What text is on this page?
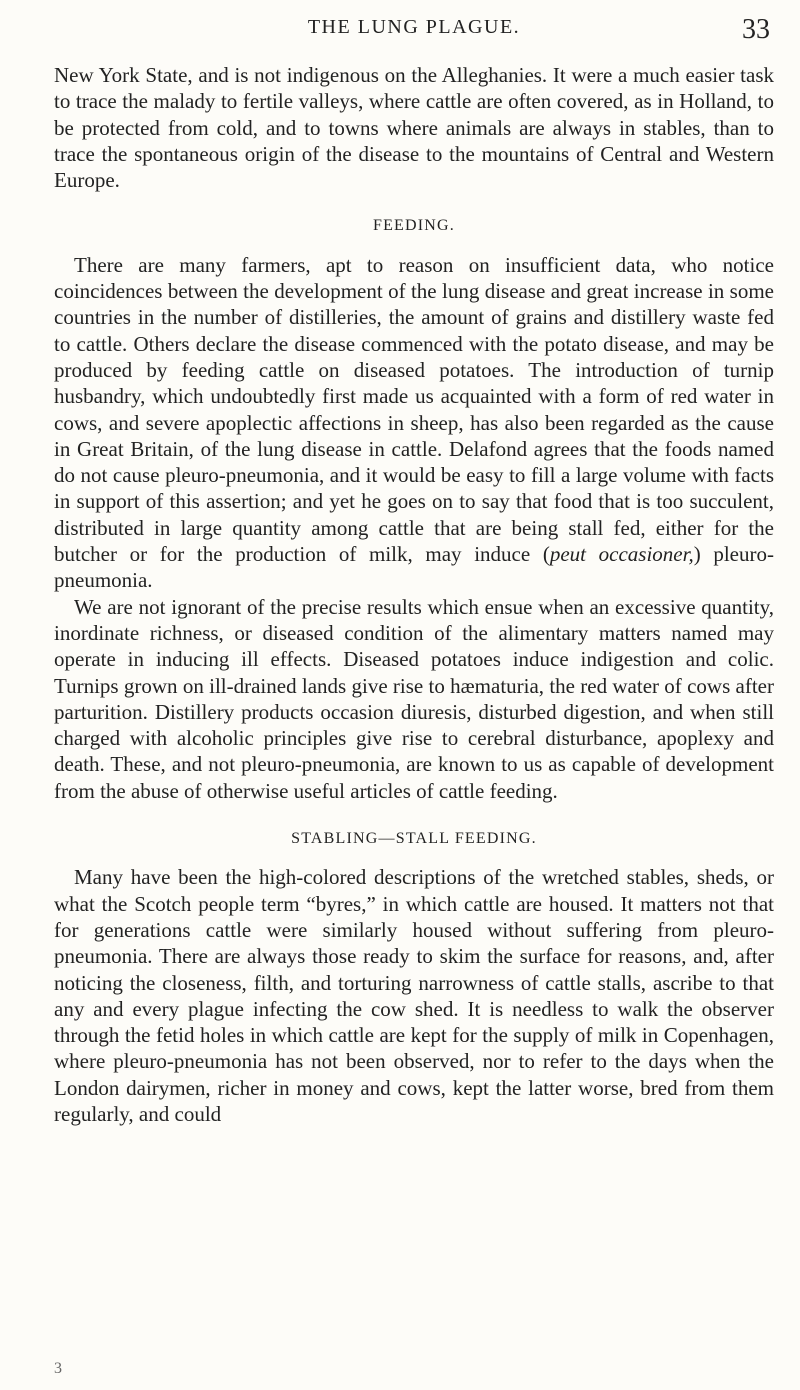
THE LUNG PLAGUE.	33

New York State, and is not indigenous on the Alleghanies. It were a much easier task to trace the malady to fertile valleys, where cattle are often covered, as in Holland, to be protected from cold, and to towns where animals are always in stables, than to trace the spontaneous origin of the disease to the mountains of Central and Western Europe.

FEEDING.

There are many farmers, apt to reason on insufficient data, who notice coincidences between the development of the lung disease and great increase in some countries in the number of distilleries, the amount of grains and distillery waste fed to cattle. Others declare the disease commenced with the potato disease, and may be produced by feeding cattle on diseased potatoes. The introduction of turnip husbandry, which undoubtedly first made us acquainted with a form of red water in cows, and severe apoplectic affections in sheep, has also been regarded as the cause in Great Britain, of the lung disease in cattle. Delafond agrees that the foods named do not cause pleuro-pneumonia, and it would be easy to fill a large volume with facts in support of this assertion; and yet he goes on to say that food that is too succulent, distributed in large quantity among cattle that are being stall fed, either for the butcher or for the production of milk, may induce (peut occasioner,) pleuro-pneumonia.

We are not ignorant of the precise results which ensue when an excessive quantity, inordinate richness, or diseased condition of the alimentary matters named may operate in inducing ill effects. Diseased potatoes induce indigestion and colic. Turnips grown on ill-drained lands give rise to hæmaturia, the red water of cows after parturition. Distillery products occasion diuresis, disturbed digestion, and when still charged with alcoholic principles give rise to cerebral disturbance, apoplexy and death. These, and not pleuro-pneumonia, are known to us as capable of development from the abuse of otherwise useful articles of cattle feeding.

STABLING—STALL FEEDING.

Many have been the high-colored descriptions of the wretched stables, sheds, or what the Scotch people term “byres,” in which cattle are housed. It matters not that for generations cattle were similarly housed without suffering from pleuro-pneumonia. There are always those ready to skim the surface for reasons, and, after noticing the closeness, filth, and torturing narrowness of cattle stalls, ascribe to that any and every plague infecting the cow shed. It is needless to walk the observer through the fetid holes in which cattle are kept for the supply of milk in Copenhagen, where pleuro-pneumonia has not been observed, nor to refer to the days when the London dairymen, richer in money and cows, kept the latter worse, bred from them regularly, and could

3
